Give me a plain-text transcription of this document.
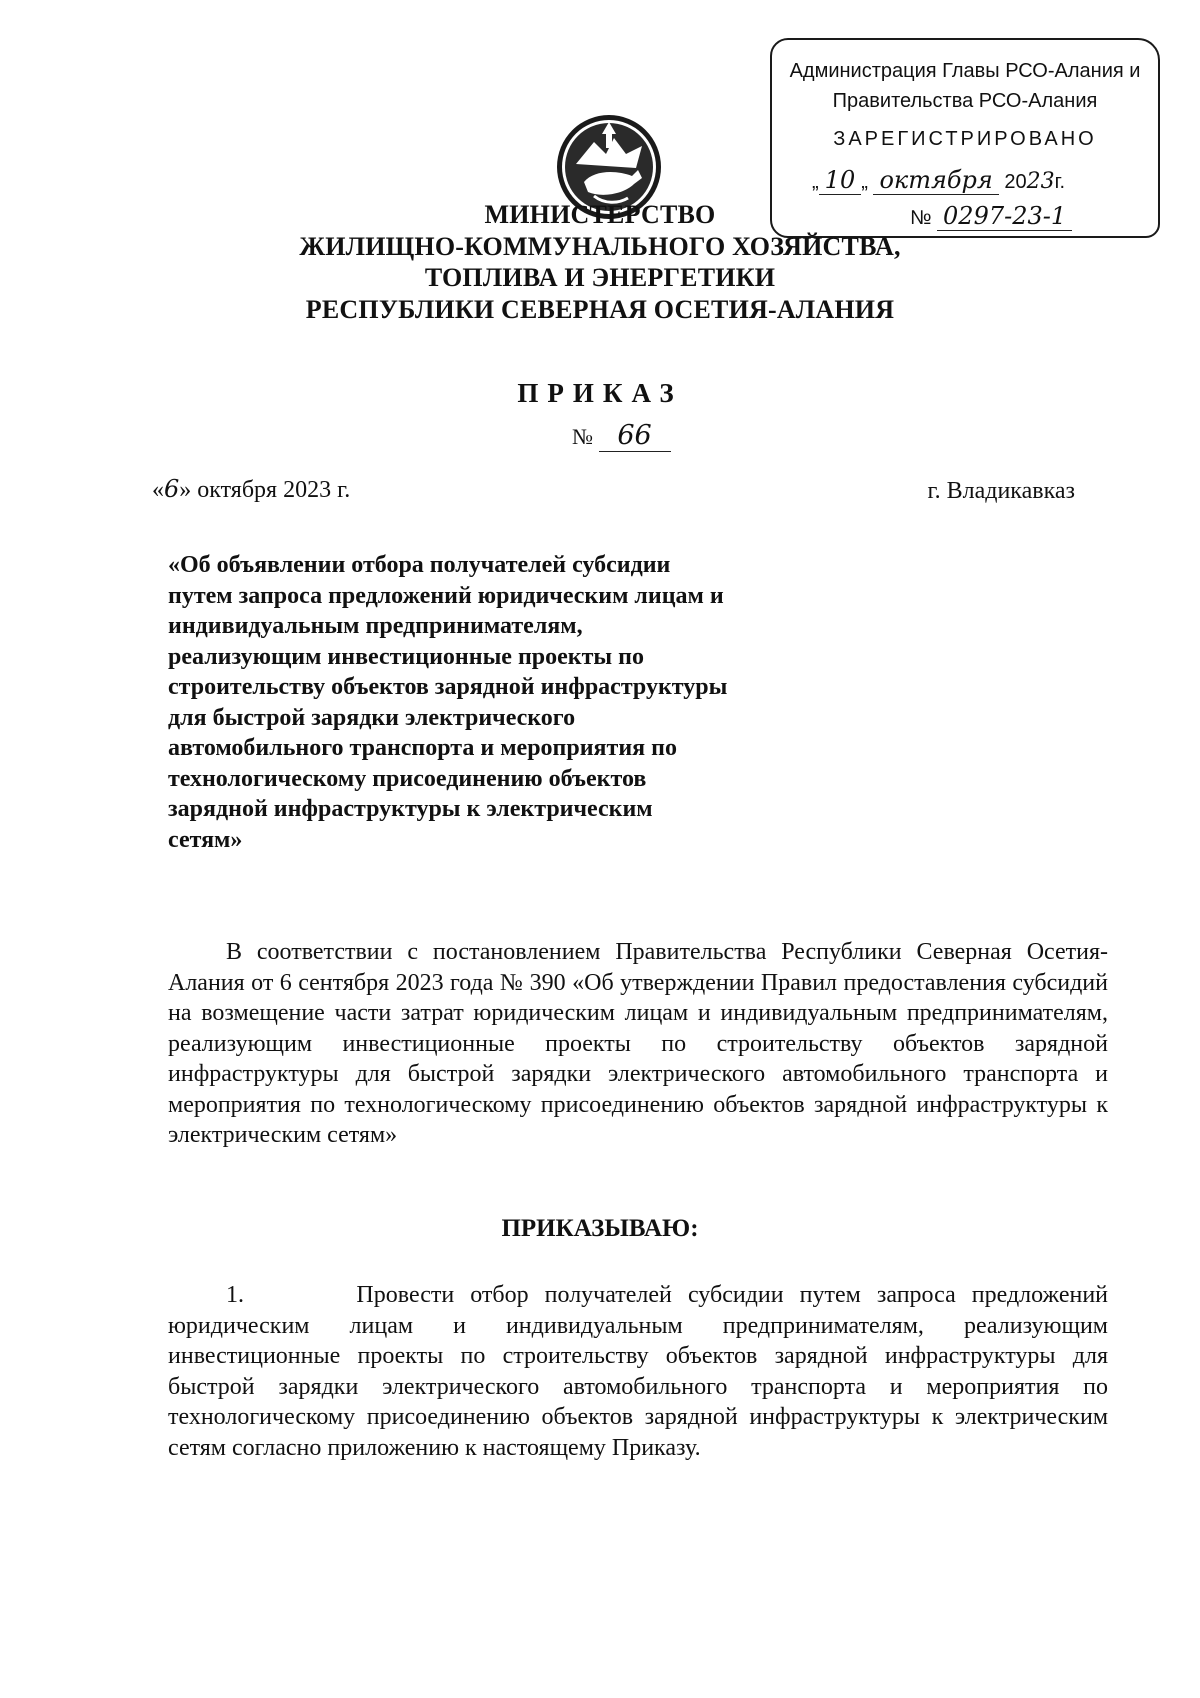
Администрация Главы РСО-Алания и
Правительства РСО-Алания
ЗАРЕГИСТРИРОВАНО
„ 10 „ октября 2023г.
№ 0297-23-1
МИНИСТЕРСТВО
ЖИЛИЩНО-КОММУНАЛЬНОГО ХОЗЯЙСТВА,
ТОПЛИВА И ЭНЕРГЕТИКИ
РЕСПУБЛИКИ СЕВЕРНАЯ ОСЕТИЯ-АЛАНИЯ
ПРИКАЗ
№ 66
«6» октября 2023 г.	г. Владикавказ
«Об объявлении отбора получателей субсидии путем запроса предложений юридическим лицам и индивидуальным предпринимателям, реализующим инвестиционные проекты по строительству объектов зарядной инфраструктуры для быстрой зарядки электрического автомобильного транспорта и мероприятия по технологическому присоединению объектов зарядной инфраструктуры к электрическим сетям»
В соответствии с постановлением Правительства Республики Северная Осетия-Алания от 6 сентября 2023 года № 390 «Об утверждении Правил предоставления субсидий на возмещение части затрат юридическим лицам и индивидуальным предпринимателям, реализующим инвестиционные проекты по строительству объектов зарядной инфраструктуры для быстрой зарядки электрического автомобильного транспорта и мероприятия по технологическому присоединению объектов зарядной инфраструктуры к электрическим сетям»
ПРИКАЗЫВАЮ:
1.	Провести отбор получателей субсидии путем запроса предложений юридическим лицам и индивидуальным предпринимателям, реализующим инвестиционные проекты по строительству объектов зарядной инфраструктуры для быстрой зарядки электрического автомобильного транспорта и мероприятия по технологическому присоединению объектов зарядной инфраструктуры к электрическим сетям согласно приложению к настоящему Приказу.
